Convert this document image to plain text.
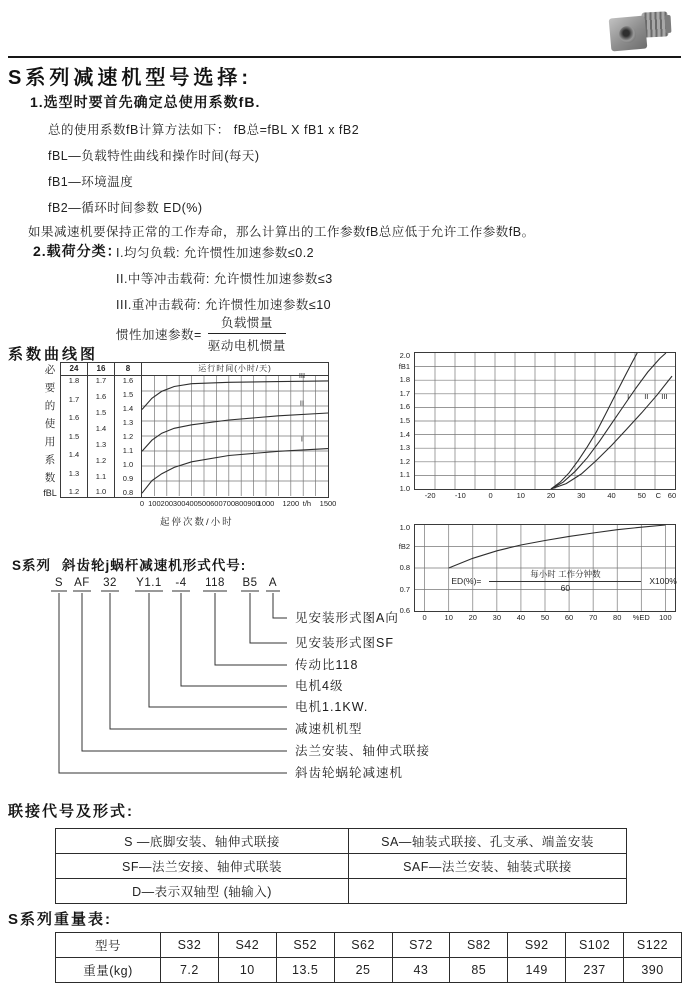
S系列减速机型号选择:
1.选型时要首先确定总使用系数fB.
总的使用系数fB计算方法如下： fB总=fBL X fB1 x fB2
fBL—负载特性曲线和操作时间(每天)
fB1—环境温度
fB2—循环时间参数 ED(%)
如果减速机要保持正常的工作寿命，那么计算出的工作参数fB总应低于允许工作参数fB。
2.载荷分类：
I.均匀负载: 允许惯性加速参数≤0.2
II.中等冲击载荷: 允许惯性加速参数≤3
III.重冲击载荷: 允许惯性加速参数≤10
惯性加速参数= $\frac{\text{负载惯量}}{\text{驱动电机惯量}}$
系数曲线图
必
要
的
使
用
系
数
fBL
24
1.8
1.7
1.6
1.5
1.4
1.3
1.2
16
1.7
1.6
1.5
1.4
1.3
1.2
1.1
1.0
8
1.6
1.5
1.4
1.3
1.2
1.1
1.0
0.9
0.8
运行时间(小时/天)
III
II
I
0 100 200 300 400 500 600 700 800 900
1000 1200 t/h 1500
起停次数/小时
2.0
fB1
1.8
1.7
1.6
1.5
1.4
1.3
1.2
1.1
1.0
I II III
-20	-10	0	10	20	30	40	50 C 60
1.0
fB2
0.8
0.7
0.6
$ED(\%)= \frac{\text{每小时 工作分钟数}}{60} X100\%$
0 10 20 30 40 50 60 70 80 %ED 100
S系列 斜齿轮j蜗杆减速机形式代号:
S AF 32 Y1.1 -4 118 B5 A
见安装形式图A向
见安装形式图SF
传动比118
电机4级
电机1.1KW.
减速机机型
法兰安装、轴伸式联接
斜齿轮蜗轮减速机
联接代号及形式:
S —底脚安装、轴伸式联接	SA—轴装式联接、孔支承、端盖安装
SF—法兰安接、轴伸式联装	SAF—法兰安装、轴装式联接
D—表示双轴型 (轴输入)	
S系列重量表:
型号	S32	S42	S52	S62	S72	S82	S92	S102	S122
重量(kg)	7.2	10	13.5	25	43	85	149	237	390
